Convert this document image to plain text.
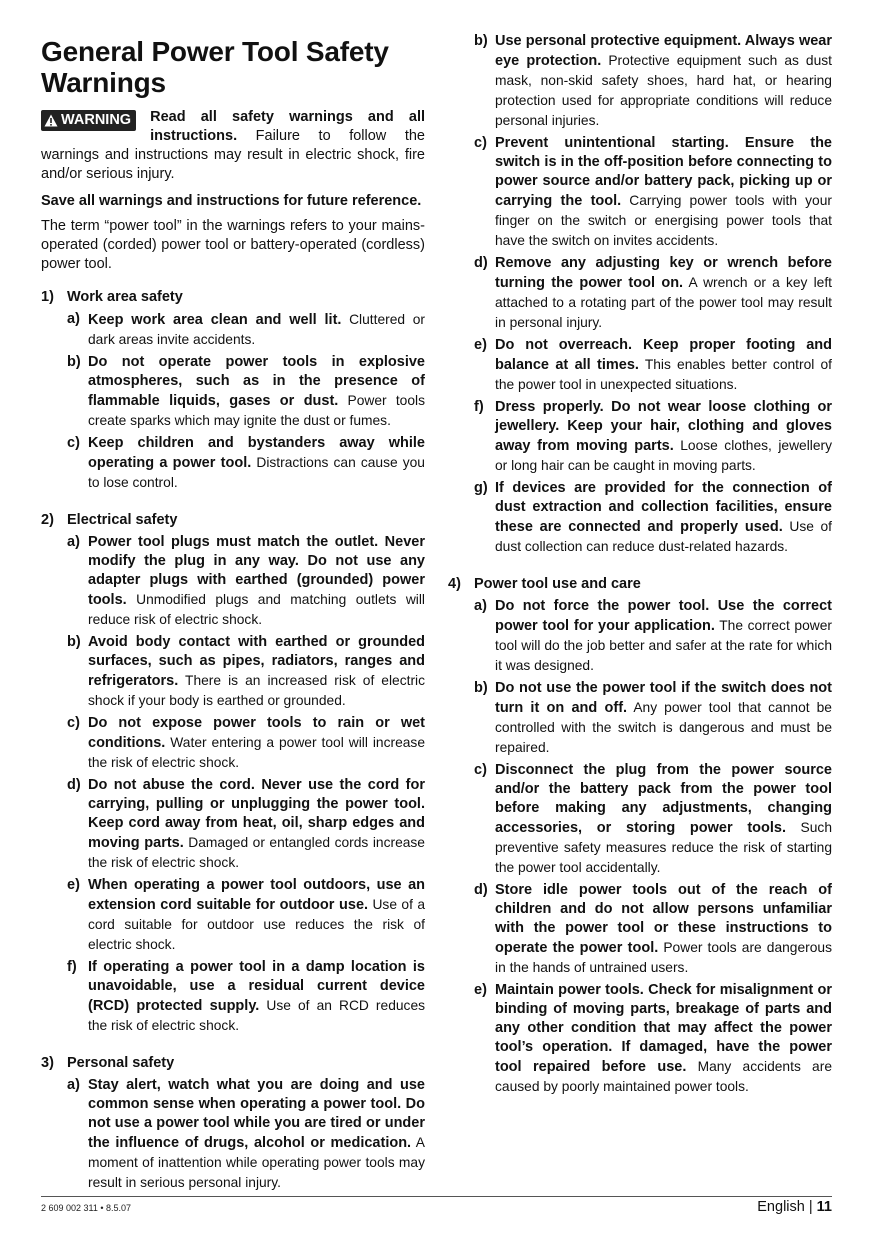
General Power Tool Safety Warnings

WARNING Read all safety warnings and all instructions. Failure to follow the warnings and instructions may result in electric shock, fire and/or serious injury.

Save all warnings and instructions for future reference.

The term “power tool” in the warnings refers to your mains-operated (corded) power tool or battery-operated (cordless) power tool.

1) Work area safety
a) Keep work area clean and well lit. Cluttered or dark areas invite accidents.
b) Do not operate power tools in explosive atmospheres, such as in the presence of flammable liquids, gases or dust. Power tools create sparks which may ignite the dust or fumes.
c) Keep children and bystanders away while operating a power tool. Distractions can cause you to lose control.
2) Electrical safety
a) Power tool plugs must match the outlet. Never modify the plug in any way. Do not use any adapter plugs with earthed (grounded) power tools. Unmodified plugs and matching outlets will reduce risk of electric shock.
b) Avoid body contact with earthed or grounded surfaces, such as pipes, radiators, ranges and refrigerators. There is an increased risk of electric shock if your body is earthed or grounded.
c) Do not expose power tools to rain or wet conditions. Water entering a power tool will increase the risk of electric shock.
d) Do not abuse the cord. Never use the cord for carrying, pulling or unplugging the power tool. Keep cord away from heat, oil, sharp edges and moving parts. Damaged or entangled cords increase the risk of electric shock.
e) When operating a power tool outdoors, use an extension cord suitable for outdoor use. Use of a cord suitable for outdoor use reduces the risk of electric shock.
f) If operating a power tool in a damp location is unavoidable, use a residual current device (RCD) protected supply. Use of an RCD reduces the risk of electric shock.
3) Personal safety
a) Stay alert, watch what you are doing and use common sense when operating a power tool. Do not use a power tool while you are tired or under the influence of drugs, alcohol or medication. A moment of inattention while operating power tools may result in serious personal injury.
b) Use personal protective equipment. Always wear eye protection. Protective equipment such as dust mask, non-skid safety shoes, hard hat, or hearing protection used for appropriate conditions will reduce personal injuries.
c) Prevent unintentional starting. Ensure the switch is in the off-position before connecting to power source and/or battery pack, picking up or carrying the tool. Carrying power tools with your finger on the switch or energising power tools that have the switch on invites accidents.
d) Remove any adjusting key or wrench before turning the power tool on. A wrench or a key left attached to a rotating part of the power tool may result in personal injury.
e) Do not overreach. Keep proper footing and balance at all times. This enables better control of the power tool in unexpected situations.
f) Dress properly. Do not wear loose clothing or jewellery. Keep your hair, clothing and gloves away from moving parts. Loose clothes, jewellery or long hair can be caught in moving parts.
g) If devices are provided for the connection of dust extraction and collection facilities, ensure these are connected and properly used. Use of dust collection can reduce dust-related hazards.
4) Power tool use and care
a) Do not force the power tool. Use the correct power tool for your application. The correct power tool will do the job better and safer at the rate for which it was designed.
b) Do not use the power tool if the switch does not turn it on and off. Any power tool that cannot be controlled with the switch is dangerous and must be repaired.
c) Disconnect the plug from the power source and/or the battery pack from the power tool before making any adjustments, changing accessories, or storing power tools. Such preventive safety measures reduce the risk of starting the power tool accidentally.
d) Store idle power tools out of the reach of children and do not allow persons unfamiliar with the power tool or these instructions to operate the power tool. Power tools are dangerous in the hands of untrained users.
e) Maintain power tools. Check for misalignment or binding of moving parts, breakage of parts and any other condition that may affect the power tool’s operation. If damaged, have the power tool repaired before use. Many accidents are caused by poorly maintained power tools.
2 609 002 311 • 8.5.07	English | 11
